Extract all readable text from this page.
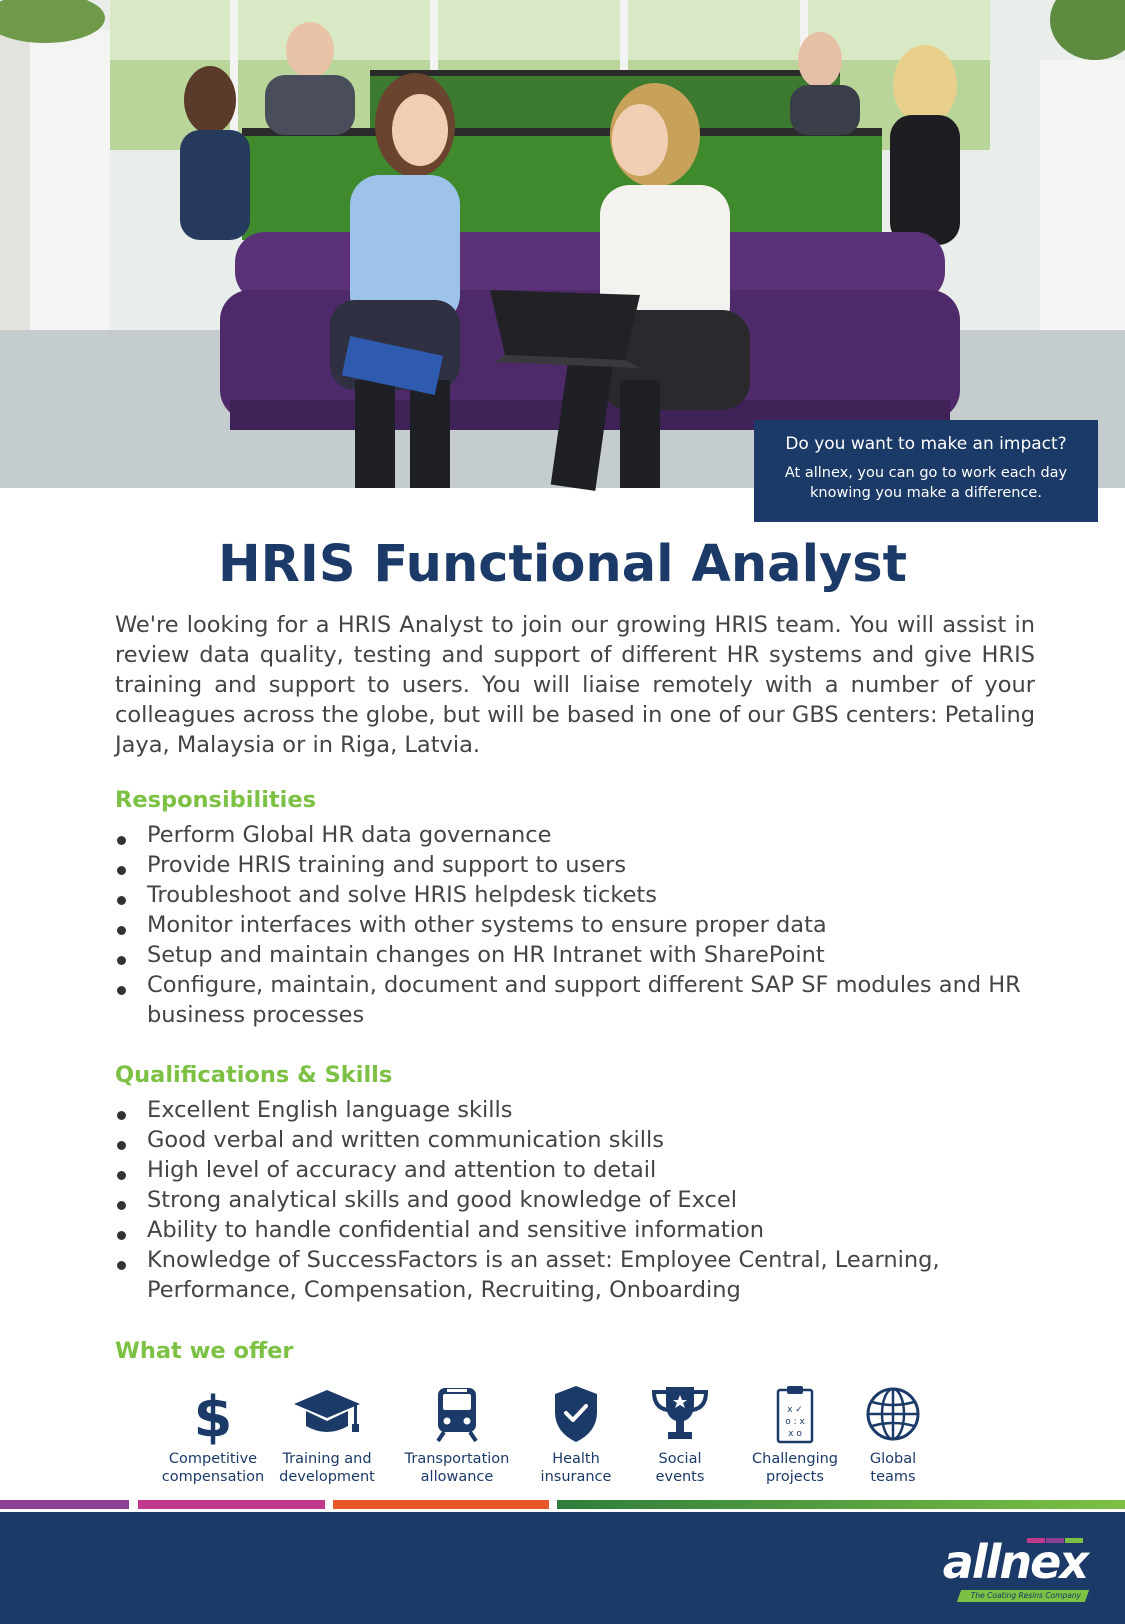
Do you want to make an impact?
At allnex, you can go to work each day knowing you make a difference.
HRIS Functional Analyst

We're looking for a HRIS Analyst to join our growing HRIS team. You will assist in review data quality, testing and support of different HR systems and give HRIS training and support to users. You will liaise remotely with a number of your colleagues across the globe, but will be based in one of our GBS centers: Petaling Jaya, Malaysia or in Riga, Latvia.

Responsibilities
Perform Global HR data governance
Provide HRIS training and support to users
Troubleshoot and solve HRIS helpdesk tickets
Monitor interfaces with other systems to ensure proper data
Setup and maintain changes on HR Intranet with SharePoint
Configure, maintain, document and support different SAP SF modules and HR business processes
Qualifications & Skills
Excellent English language skills
Good verbal and written communication skills
High level of accuracy and attention to detail
Strong analytical skills and good knowledge of Excel
Ability to handle confidential and sensitive information
Knowledge of SuccessFactors is an asset: Employee Central, Learning, Performance, Compensation, Recruiting, Onboarding
What we offer
$
Competitive
compensation
Training and
development
Transportation
allowance
Health
insurance
Social
events
x ✓
o : x
x o
Challenging
projects
Global
teams
allnex
The Coating Resins Company
